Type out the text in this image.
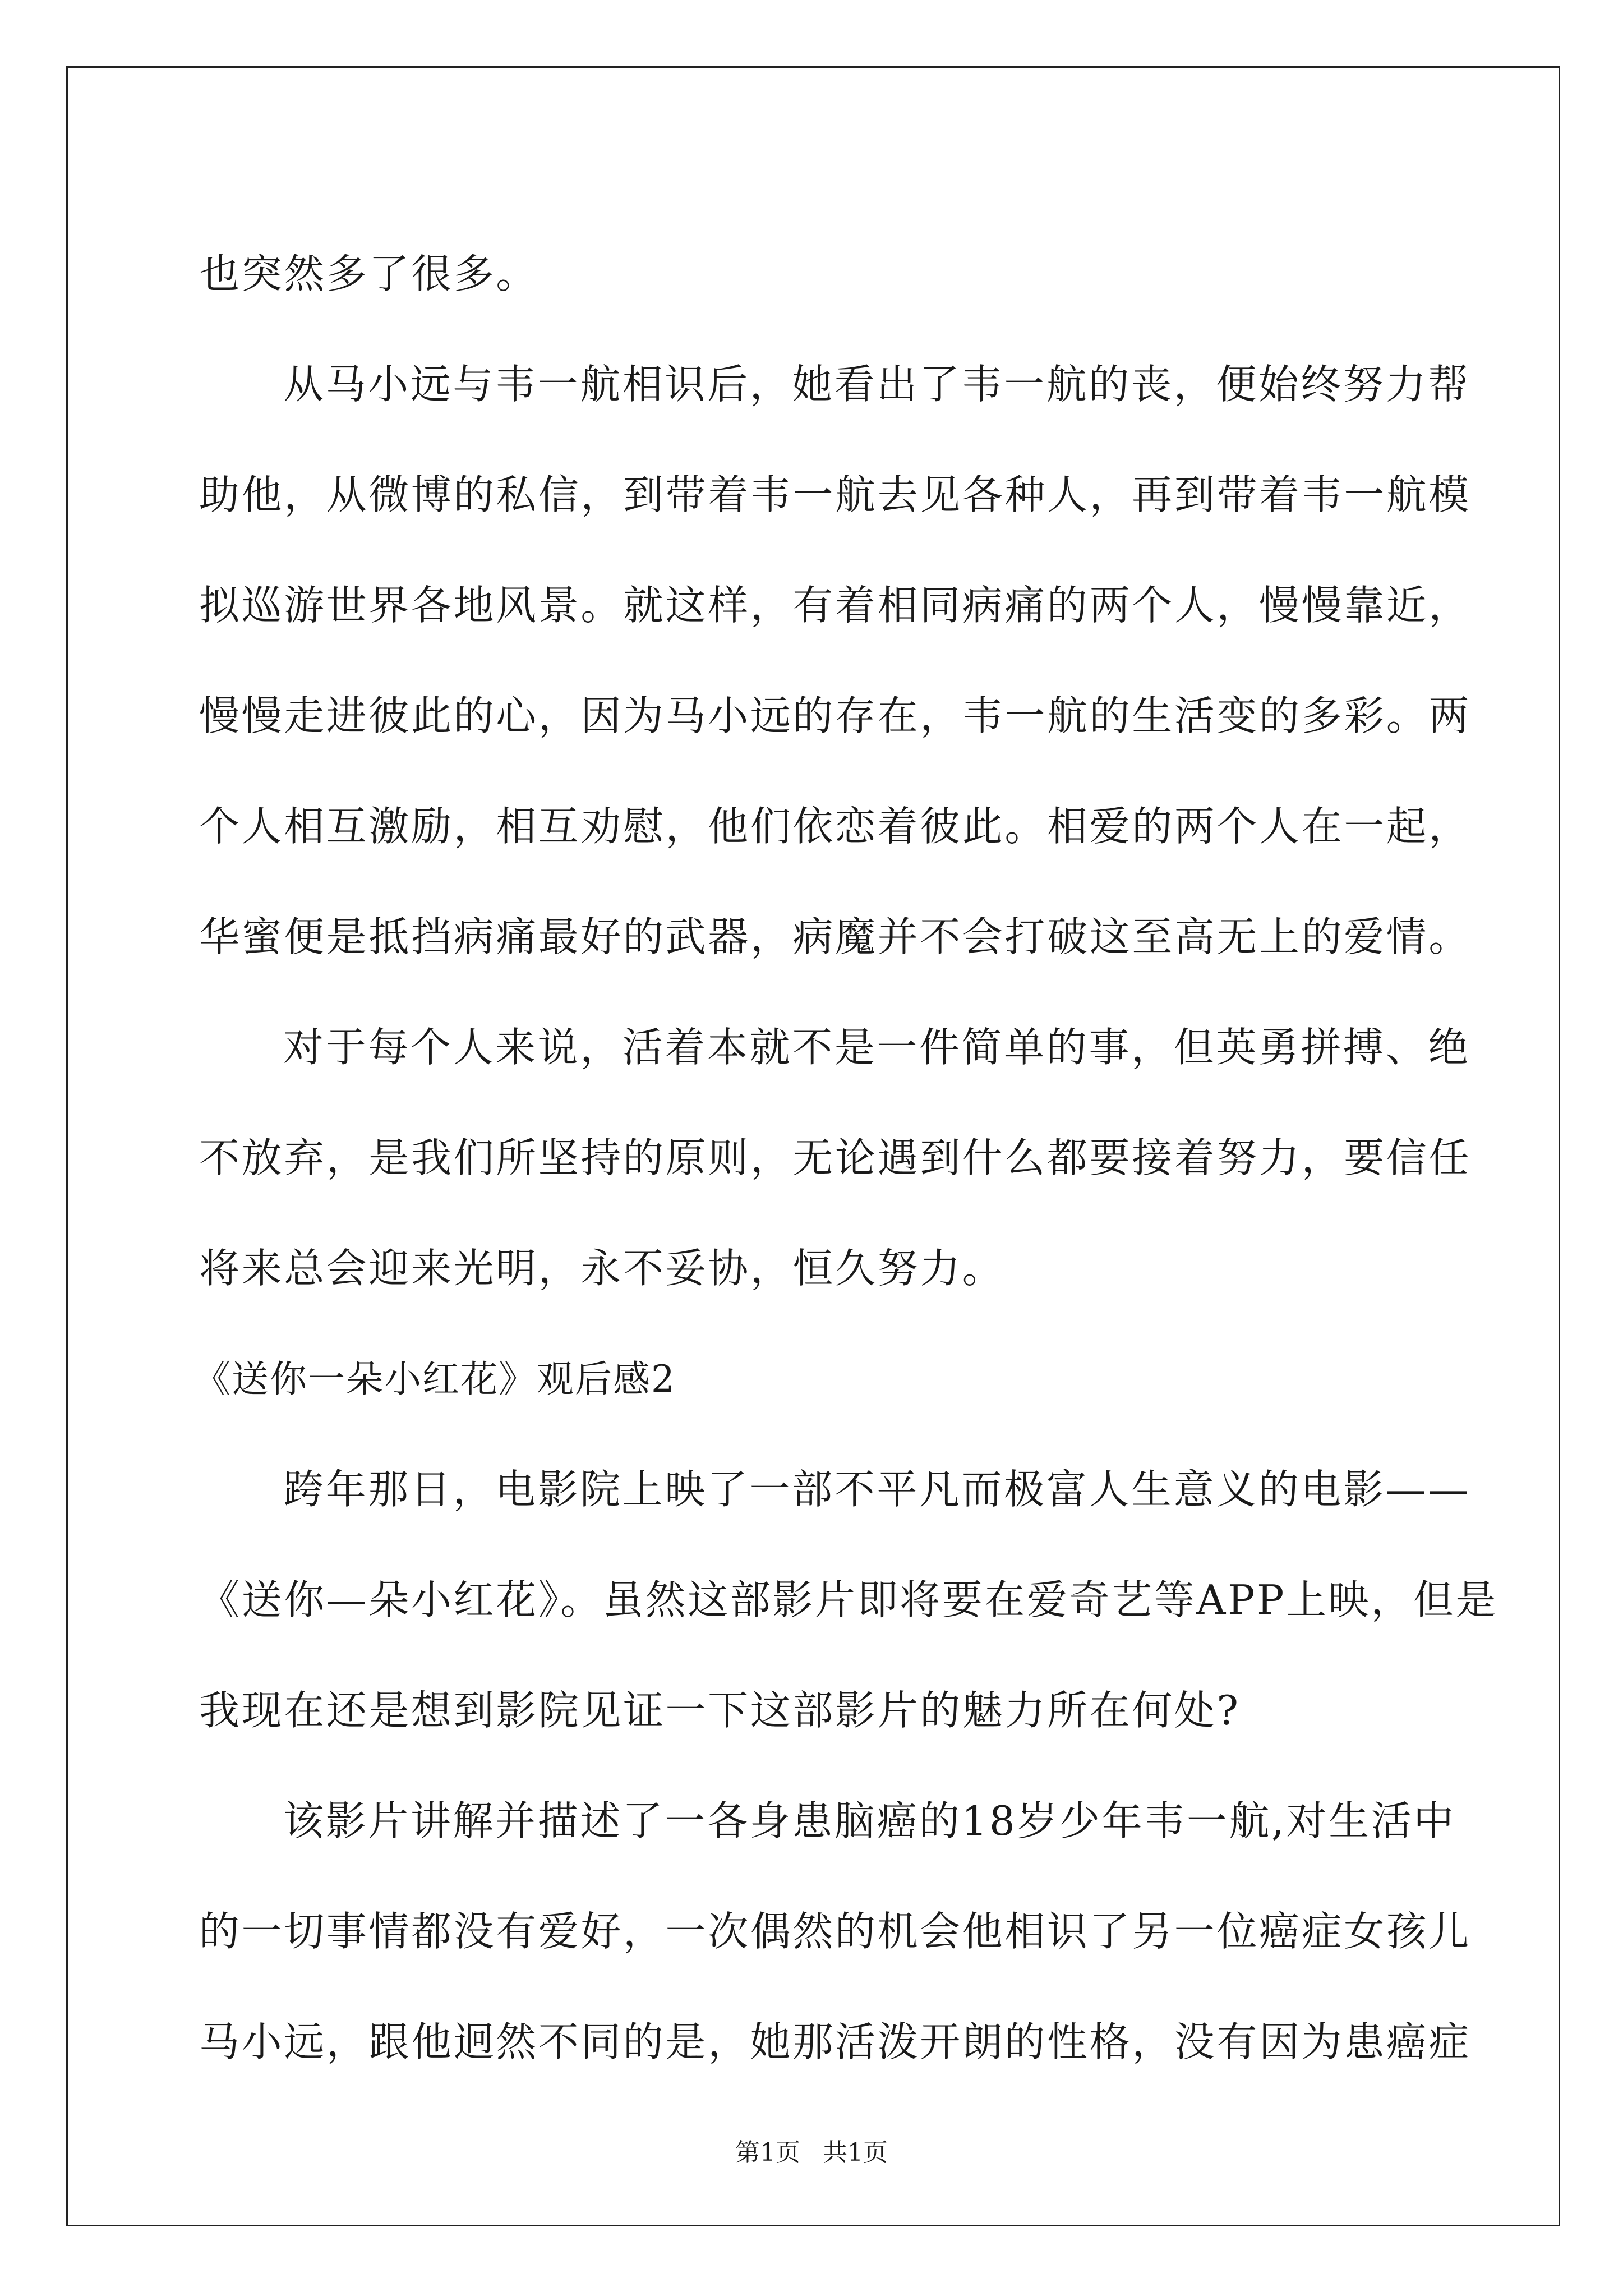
也突然多了很多。
从马小远与韦一航相识后，她看出了韦一航的丧，便始终努力帮
助他，从微博的私信，到带着韦一航去见各种人，再到带着韦一航模
拟巡游世界各地风景。就这样，有着相同病痛的两个人，慢慢靠近，
慢慢走进彼此的心，因为马小远的存在，韦一航的生活变的多彩。两
个人相互激励，相互劝慰，他们依恋着彼此。相爱的两个人在一起，
华蜜便是抵挡病痛最好的武器，病魔并不会打破这至高无上的爱情。
对于每个人来说，活着本就不是一件简单的事，但英勇拼搏、绝
不放弃，是我们所坚持的原则，无论遇到什么都要接着努力，要信任
将来总会迎来光明，永不妥协，恒久努力。
《送你一朵小红花》观后感2
跨年那日，电影院上映了一部不平凡而极富人生意义的电影——
《送你—朵小红花》。虽然这部影片即将要在爱奇艺等APP上映，但是
我现在还是想到影院见证一下这部影片的魅力所在何处?
该影片讲解并描述了一各身患脑癌的18岁少年韦一航,对生活中
的一切事情都没有爱好，一次偶然的机会他相识了另一位癌症女孩儿
马小远，跟他迥然不同的是，她那活泼开朗的性格，没有因为患癌症
第1页 共1页
